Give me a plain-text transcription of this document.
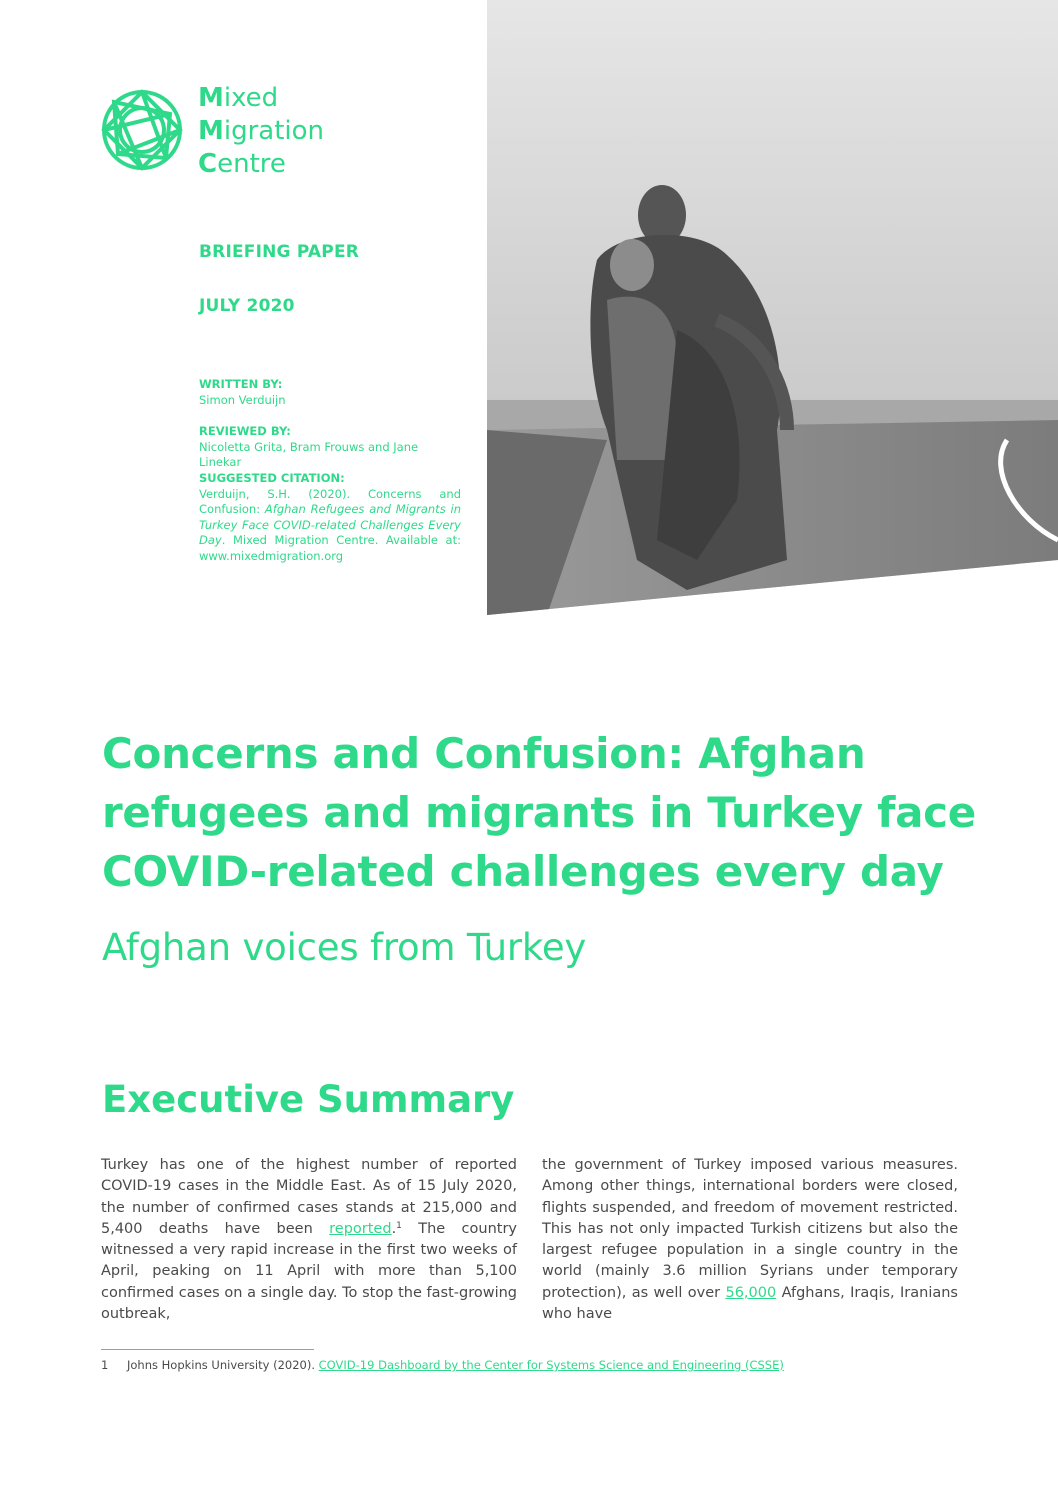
Mixed
Migration
Centre
BRIEFING PAPER
JULY 2020
WRITTEN BY:
Simon Verduijn
REVIEWED BY:
Nicoletta Grita, Bram Frouws and Jane Linekar
SUGGESTED CITATION:
Verduijn, S.H. (2020). Concerns and Confusion: Afghan Refugees and Migrants in Turkey Face COVID-related Challenges Every Day. Mixed Migration Centre. Available at: www.mixedmigration.org
Concerns and Confusion: Afghan refugees and migrants in Turkey face COVID-related challenges every day
Afghan voices from Turkey
Executive Summary

Turkey has one of the highest number of reported COVID-19 cases in the Middle East. As of 15 July 2020, the number of confirmed cases stands at 215,000 and 5,400 deaths have been reported.$^1$ The country witnessed a very rapid increase in the first two weeks of April, peaking on 11 April with more than 5,100 confirmed cases on a single day. To stop the fast-growing outbreak,

the government of Turkey imposed various measures. Among other things, international borders were closed, flights suspended, and freedom of movement restricted. This has not only impacted Turkish citizens but also the largest refugee population in a single country in the world (mainly 3.6 million Syrians under temporary protection), as well over 56,000 Afghans, Iraqis, Iranians who have

1 Johns Hopkins University (2020). COVID-19 Dashboard by the Center for Systems Science and Engineering (CSSE)
